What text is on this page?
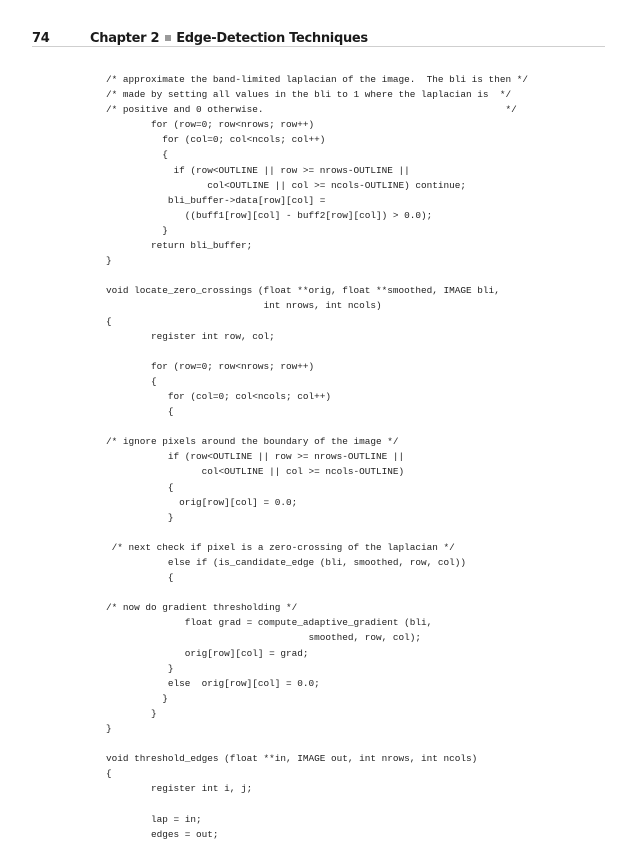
74	Chapter 2 Edge-Detection Techniques
/* approximate the band-limited laplacian of the image.  The bli is then */
/* made by setting all values in the bli to 1 where the laplacian is  */
/* positive and 0 otherwise.                                           */
for (row=0; row<nrows; row++)
for (col=0; col<ncols; col++)
{
if (row<OUTLINE || row >= nrows-OUTLINE ||
col<OUTLINE || col >= ncols-OUTLINE) continue;
bli_buffer->data[row][col] =
((buff1[row][col] - buff2[row][col]) > 0.0);
}
return bli_buffer;
}
void locate_zero_crossings (float **orig, float **smoothed, IMAGE bli,
int nrows, int ncols)
{
register int row, col;
for (row=0; row<nrows; row++)
{
for (col=0; col<ncols; col++)
{
/* ignore pixels around the boundary of the image */
if (row<OUTLINE || row >= nrows-OUTLINE ||
col<OUTLINE || col >= ncols-OUTLINE)
{
orig[row][col] = 0.0;
}
/* next check if pixel is a zero-crossing of the laplacian */
else if (is_candidate_edge (bli, smoothed, row, col))
{
/* now do gradient thresholding */
float grad = compute_adaptive_gradient (bli,
smoothed, row, col);
orig[row][col] = grad;
}
else  orig[row][col] = 0.0;
}
}
}
void threshold_edges (float **in, IMAGE out, int nrows, int ncols)
{
register int i, j;
lap = in;
edges = out;
